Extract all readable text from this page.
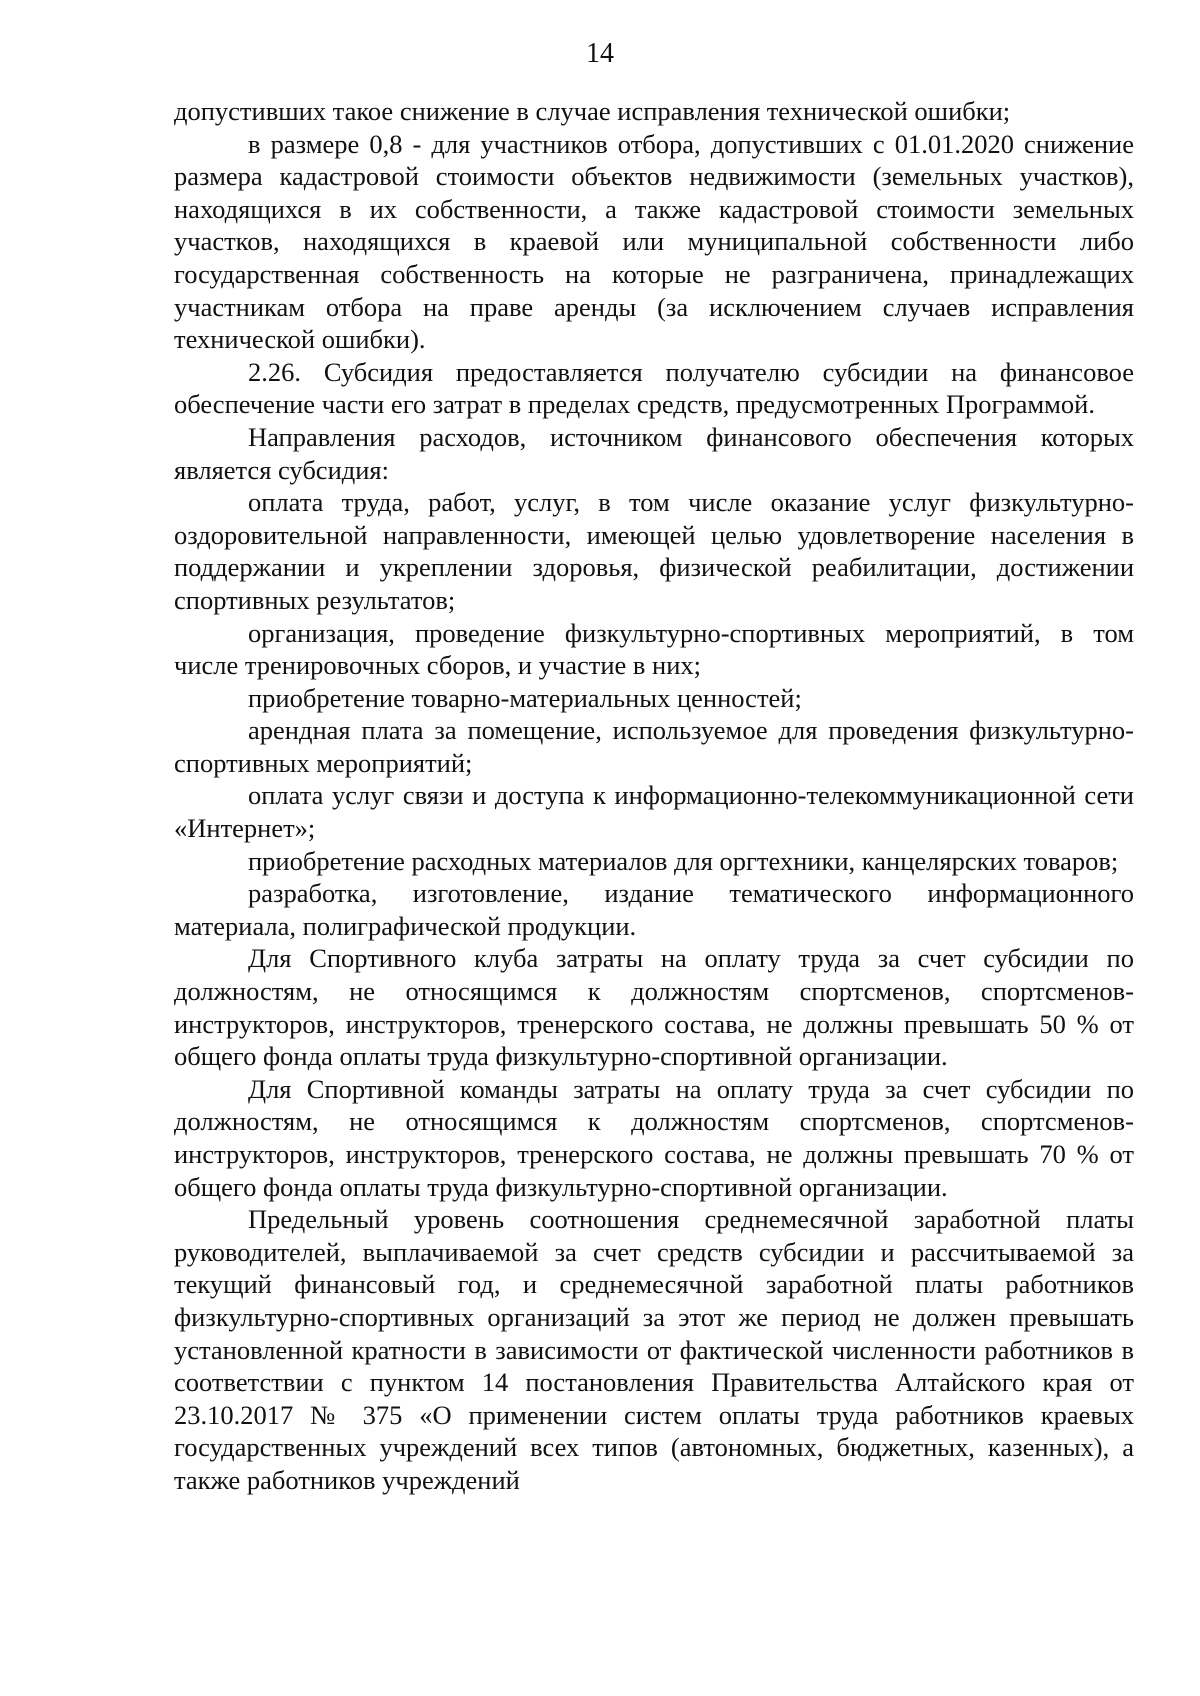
14

допустивших такое снижение в случае исправления технической ошибки;

в размере 0,8 - для участников отбора, допустивших с 01.01.2020 снижение размера кадастровой стоимости объектов недвижимости (земельных участков), находящихся в их собственности, а также кадастровой стоимости земельных участков, находящихся в краевой или муниципальной собственности либо государственная собственность на которые не разграничена, принадлежащих участникам отбора на праве аренды (за исключением случаев исправления технической ошибки).

2.26. Субсидия предоставляется получателю субсидии на финансовое обеспечение части его затрат в пределах средств, предусмотренных Программой.

Направления расходов, источником финансового обеспечения которых является субсидия:

оплата труда, работ, услуг, в том числе оказание услуг физкультурно-оздоровительной направленности, имеющей целью удовлетворение населения в поддержании и укреплении здоровья, физической реабилитации, достижении спортивных результатов;

организация, проведение физкультурно-спортивных мероприятий, в том числе тренировочных сборов, и участие в них;

приобретение товарно-материальных ценностей;

арендная плата за помещение, используемое для проведения физкультурно-спортивных мероприятий;

оплата услуг связи и доступа к информационно-телекоммуникационной сети «Интернет»;

приобретение расходных материалов для оргтехники, канцелярских товаров;

разработка, изготовление, издание тематического информационного материала, полиграфической продукции.

Для Спортивного клуба затраты на оплату труда за счет субсидии по должностям, не относящимся к должностям спортсменов, спортсменов-инструкторов, инструкторов, тренерского состава, не должны превышать 50 % от общего фонда оплаты труда физкультурно-спортивной организации.

Для Спортивной команды затраты на оплату труда за счет субсидии по должностям, не относящимся к должностям спортсменов, спортсменов-инструкторов, инструкторов, тренерского состава, не должны превышать 70 % от общего фонда оплаты труда физкультурно-спортивной организации.

Предельный уровень соотношения среднемесячной заработной платы руководителей, выплачиваемой за счет средств субсидии и рассчитываемой за текущий финансовый год, и среднемесячной заработной платы работников физкультурно-спортивных организаций за этот же период не должен превышать установленной кратности в зависимости от фактической численности работников в соответствии с пунктом 14 постановления Правительства Алтайского края от 23.10.2017 № 375 «О применении систем оплаты труда работников краевых государственных учреждений всех типов (автономных, бюджетных, казенных), а также работников учреждений
